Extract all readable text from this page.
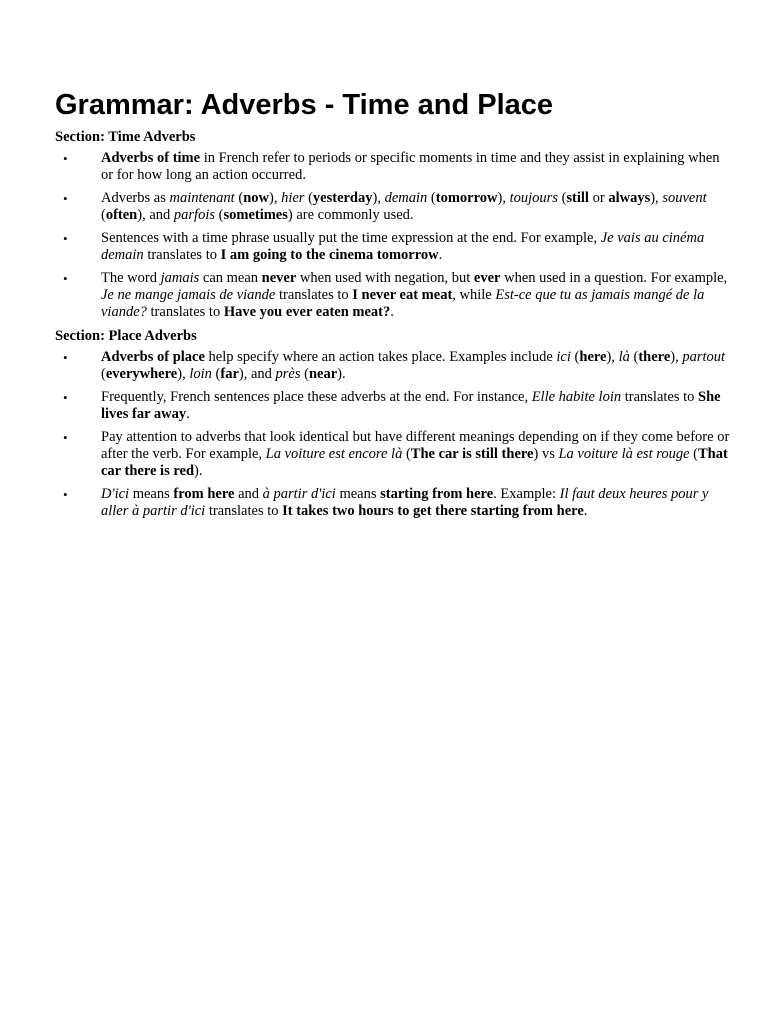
Grammar: Adverbs - Time and Place
Section: Time Adverbs
•	Adverbs of time in French refer to periods or specific moments in time and they assist in explaining when or for how long an action occurred.
•	Adverbs as maintenant (now), hier (yesterday), demain (tomorrow), toujours (still or always), souvent (often), and parfois (sometimes) are commonly used.
•	Sentences with a time phrase usually put the time expression at the end. For example, Je vais au cinéma demain translates to I am going to the cinema tomorrow.
•	The word jamais can mean never when used with negation, but ever when used in a question. For example, Je ne mange jamais de viande translates to I never eat meat, while Est-ce que tu as jamais mangé de la viande? translates to Have you ever eaten meat?.
Section: Place Adverbs
•	Adverbs of place help specify where an action takes place. Examples include ici (here), là (there), partout (everywhere), loin (far), and près (near).
•	Frequently, French sentences place these adverbs at the end. For instance, Elle habite loin translates to She lives far away.
•	Pay attention to adverbs that look identical but have different meanings depending on if they come before or after the verb. For example, La voiture est encore là (The car is still there) vs La voiture là est rouge (That car there is red).
•	D'ici means from here and à partir d'ici means starting from here. Example: Il faut deux heures pour y aller à partir d'ici translates to It takes two hours to get there starting from here.
